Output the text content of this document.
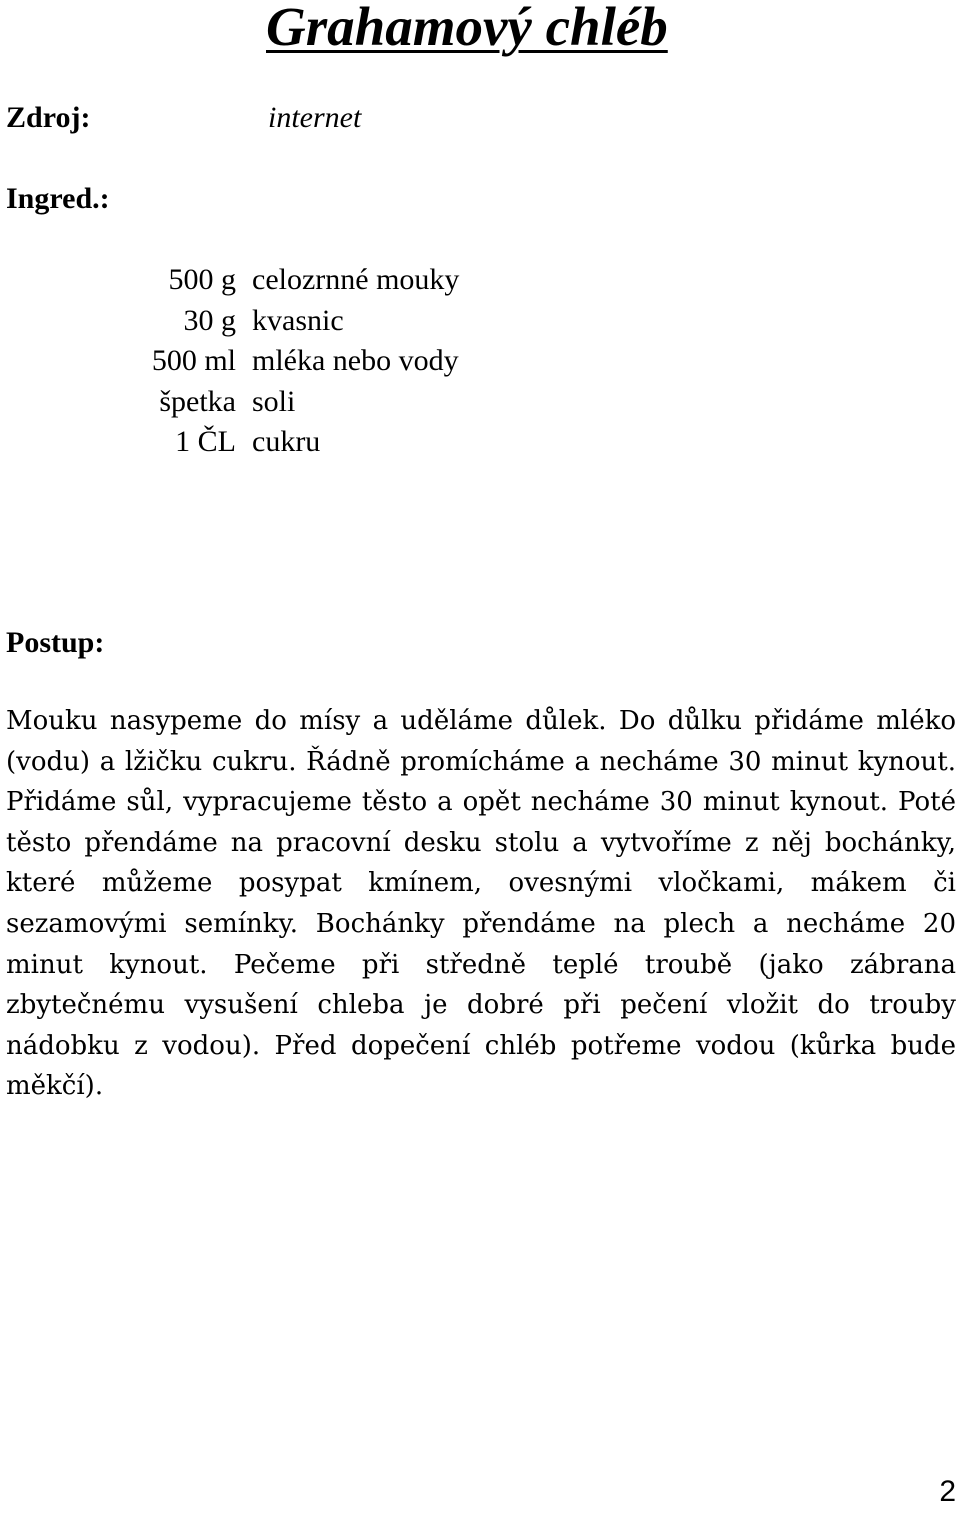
Grahamový chléb
Zdroj:	internet
Ingred.:
500 g celozrnné mouky
30 g kvasnic
500 ml mléka nebo vody
špetka soli
1 ČL cukru
Postup:

Mouku nasypeme do mísy a uděláme důlek. Do důlku přidáme mléko (vodu) a lžičku cukru. Řádně promícháme a necháme 30 minut kynout. Přidáme sůl, vypracujeme těsto a opět necháme 30 minut kynout. Poté těsto přendáme na pracovní desku stolu a vytvoříme z něj bochánky, které můžeme posypat kmínem, ovesnými vločkami, mákem či sezamovými semínky. Bochánky přendáme na plech a necháme 20 minut kynout. Pečeme při středně teplé troubě (jako zábrana zbytečnému vysušení chleba je dobré při pečení vložit do trouby nádobku z vodou). Před dopečení chléb potřeme vodou (kůrka bude měkčí).

2
